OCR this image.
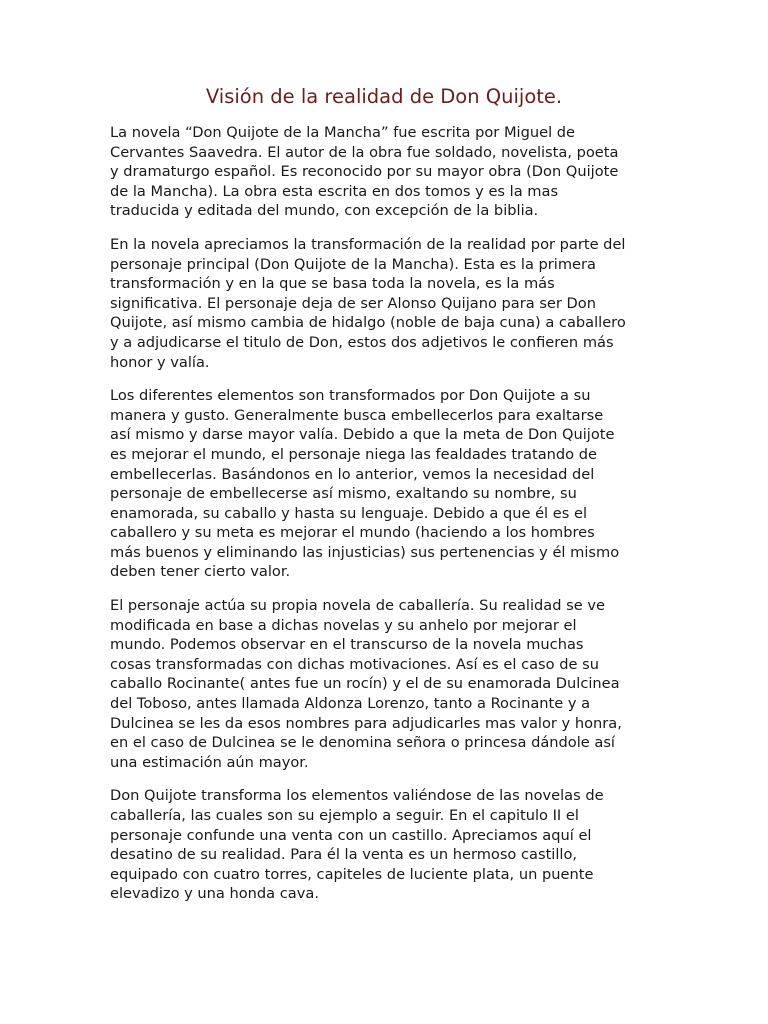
Visión de la realidad de Don Quijote.

La novela “Don Quijote de la Mancha” fue escrita por Miguel de
Cervantes Saavedra. El autor de la obra fue soldado, novelista, poeta
y dramaturgo español. Es reconocido por su mayor obra (Don Quijote
de la Mancha). La obra esta escrita en dos tomos y es la mas
traducida y editada del mundo, con excepción de la biblia.

En la novela apreciamos la transformación de la realidad por parte del
personaje principal (Don Quijote de la Mancha). Esta es la primera
transformación y en la que se basa toda la novela, es la más
significativa. El personaje deja de ser Alonso Quijano para ser Don
Quijote, así mismo cambia de hidalgo (noble de baja cuna) a caballero
y a adjudicarse el titulo de Don, estos dos adjetivos le confieren más
honor y valía.

Los diferentes elementos son transformados por Don Quijote a su
manera y gusto. Generalmente busca embellecerlos para exaltarse
así mismo y darse mayor valía. Debido a que la meta de Don Quijote
es mejorar el mundo, el personaje niega las fealdades tratando de
embellecerlas. Basándonos en lo anterior, vemos la necesidad del
personaje de embellecerse así mismo, exaltando su nombre, su
enamorada, su caballo y hasta su lenguaje. Debido a que él es el
caballero y su meta es mejorar el mundo (haciendo a los hombres
más buenos y eliminando las injusticias) sus pertenencias y él mismo
deben tener cierto valor.

El personaje actúa su propia novela de caballería. Su realidad se ve
modificada en base a dichas novelas y su anhelo por mejorar el
mundo. Podemos observar en el transcurso de la novela muchas
cosas transformadas con dichas motivaciones. Así es el caso de su
caballo Rocinante( antes fue un rocín) y el de su enamorada Dulcinea
del Toboso, antes llamada Aldonza Lorenzo, tanto a Rocinante y a
Dulcinea se les da esos nombres para adjudicarles mas valor y honra,
en el caso de Dulcinea se le denomina señora o princesa dándole así
una estimación aún mayor.

Don Quijote transforma los elementos valiéndose de las novelas de
caballería, las cuales son su ejemplo a seguir. En el capitulo II el
personaje confunde una venta con un castillo. Apreciamos aquí el
desatino de su realidad. Para él la venta es un hermoso castillo,
equipado con cuatro torres, capiteles de luciente plata, un puente
elevadizo y una honda cava.
